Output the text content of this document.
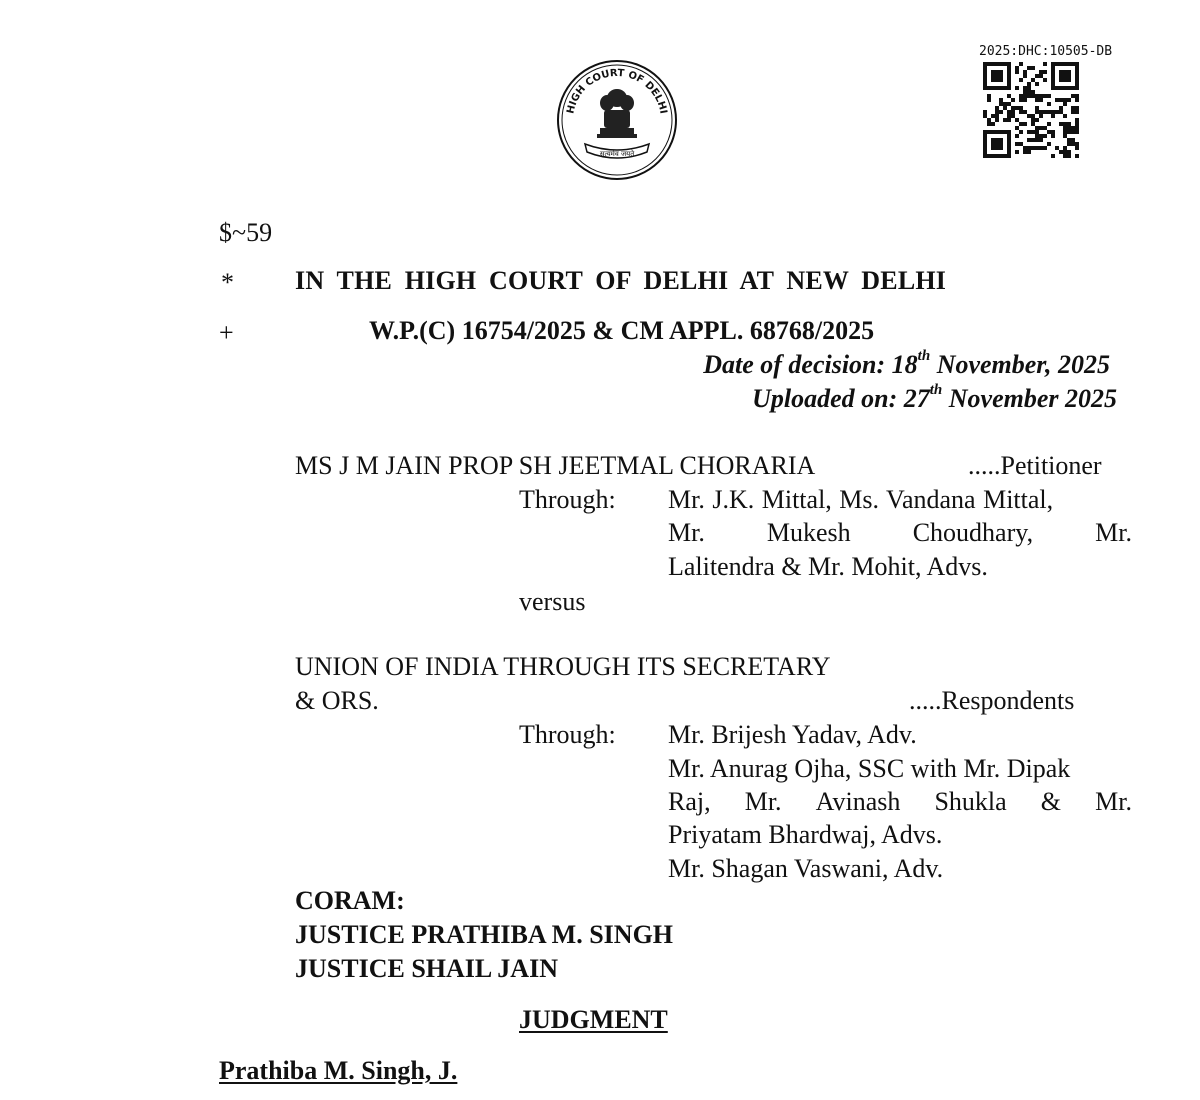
HIGH COURT OF DELHI
सत्यमेव जयते
2025:DHC:10505-DB
$~59
* IN THE HIGH COURT OF DELHI AT NEW DELHI
+	W.P.(C) 16754/2025 & CM APPL. 68768/2025
Date of decision: 18th November, 2025
Uploaded on: 27th November 2025
MS J M JAIN PROP SH JEETMAL CHORARIA	.....Petitioner
Through: Mr. J.K. Mittal, Ms. Vandana Mittal,
Mr. Mukesh Choudhary, Mr.
Lalitendra & Mr. Mohit, Advs.
versus
UNION OF INDIA THROUGH ITS SECRETARY
& ORS.	.....Respondents
Through: Mr. Brijesh Yadav, Adv.
Mr. Anurag Ojha, SSC with Mr. Dipak
Raj, Mr. Avinash Shukla & Mr.
Priyatam Bhardwaj, Advs.
Mr. Shagan Vaswani, Adv.
CORAM:
JUSTICE PRATHIBA M. SINGH
JUSTICE SHAIL JAIN
JUDGMENT
Prathiba M. Singh, J.
